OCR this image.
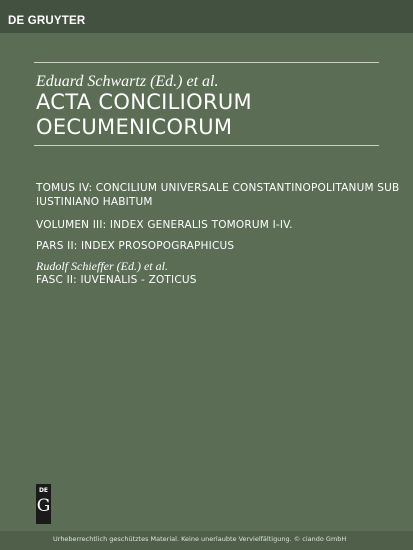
DE GRUYTER
Eduard Schwartz (Ed.) et al.
ACTA CONCILIORUM
OECUMENICORUM
TOMUS IV: CONCILIUM UNIVERSALE CONSTANTINOPOLITANUM SUB
IUSTINIANO HABITUM
VOLUMEN III: INDEX GENERALIS TOMORUM I-IV.
PARS II: INDEX PROSOPOGRAPHICUS
Rudolf Schieffer (Ed.) et al.
FASC II: IUVENALIS - ZOTICUS
DE
G
Urheberrechtlich geschütztes Material. Keine unerlaubte Vervielfältigung. © ciando GmbH
